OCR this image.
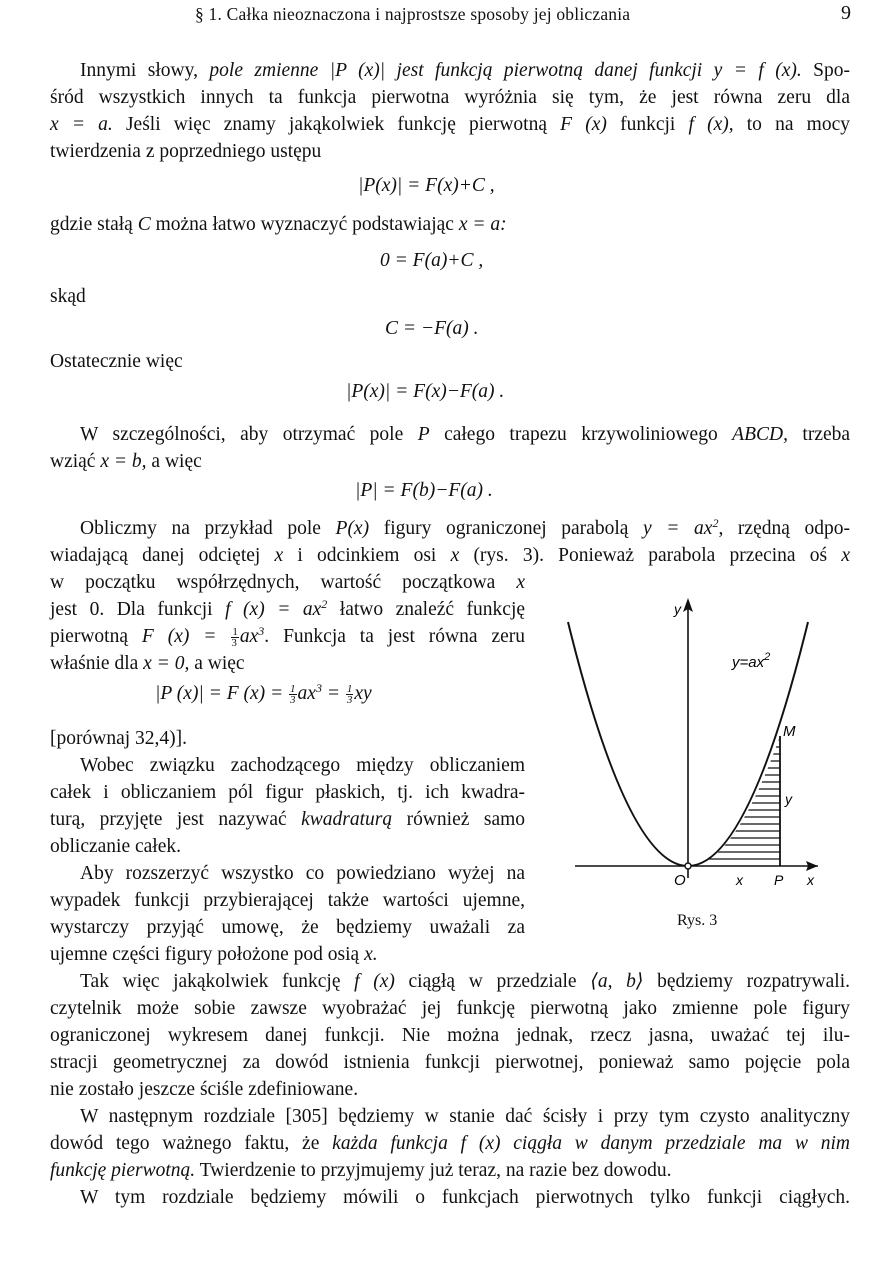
§ 1. Całka nieoznaczona i najprostsze sposoby jej obliczania	9
Innymi słowy, pole zmienne |P (x)| jest funkcją pierwotną danej funkcji y = f (x). Spo-
śród wszystkich innych ta funkcja pierwotna wyróżnia się tym, że jest równa zeru dla
x = a. Jeśli więc znamy jakąkolwiek funkcję pierwotną F (x) funkcji f (x), to na mocy
twierdzenia z poprzedniego ustępu
|P(x)| = F(x)+C ,
gdzie stałą C można łatwo wyznaczyć podstawiając x = a:
0 = F(a)+C ,
skąd
C = −F(a) .
Ostatecznie więc
|P(x)| = F(x)−F(a) .
W szczególności, aby otrzymać pole P całego trapezu krzywoliniowego ABCD, trzeba
wziąć x = b, a więc
|P| = F(b)−F(a) .
Obliczmy na przykład pole P(x) figury ograniczonej parabolą $y = ax^2$, rzędną odpo-
wiadającą danej odciętej x i odcinkiem osi x (rys. 3). Ponieważ parabola przecina oś x
w początku współrzędnych, wartość początkowa x
jest 0. Dla funkcji f $(x) = ax^2$ łatwo znaleźć funkcję
pierwotną F $(x) = \frac{1}{3} ax^3$. Funkcja ta jest równa zeru
właśnie dla x = 0, a więc
|P (x)| = F $(x) = \frac{1}{3} ax^3 = \frac{1}{3}$ xy
[porównaj 32,4)].
Wobec związku zachodzącego między obliczaniem
całek i obliczaniem pól figur płaskich, tj. ich kwadra-
turą, przyjęte jest nazywać kwadraturą również samo
obliczanie całek.
Aby rozszerzyć wszystko co powiedziano wyżej na
wypadek funkcji przybierającej także wartości ujemne,
wystarczy przyjąć umowę, że będziemy uważali za
ujemne części figury położone pod osią x.
Tak więc jakąkolwiek funkcję f (x) ciągłą w przedziale ⟨a, b⟩ będziemy rozpatrywali.
czytelnik może sobie zawsze wyobrażać jej funkcję pierwotną jako zmienne pole figury
ograniczonej wykresem danej funkcji. Nie można jednak, rzecz jasna, uważać tej ilu-
stracji geometrycznej za dowód istnienia funkcji pierwotnej, ponieważ samo pojęcie pola
nie zostało jeszcze ściśle zdefiniowane.
W następnym rozdziale [305] będziemy w stanie dać ścisły i przy tym czysto analityczny
dowód tego ważnego faktu, że każda funkcja f (x) ciągła w danym przedziale ma w nim
funkcję pierwotną. Twierdzenie to przyjmujemy już teraz, na razie bez dowodu.
W tym rozdziale będziemy mówili o funkcjach pierwotnych tylko funkcji ciągłych.
y
$y=ax^2$
M
y
O	x P x
Rys. 3
